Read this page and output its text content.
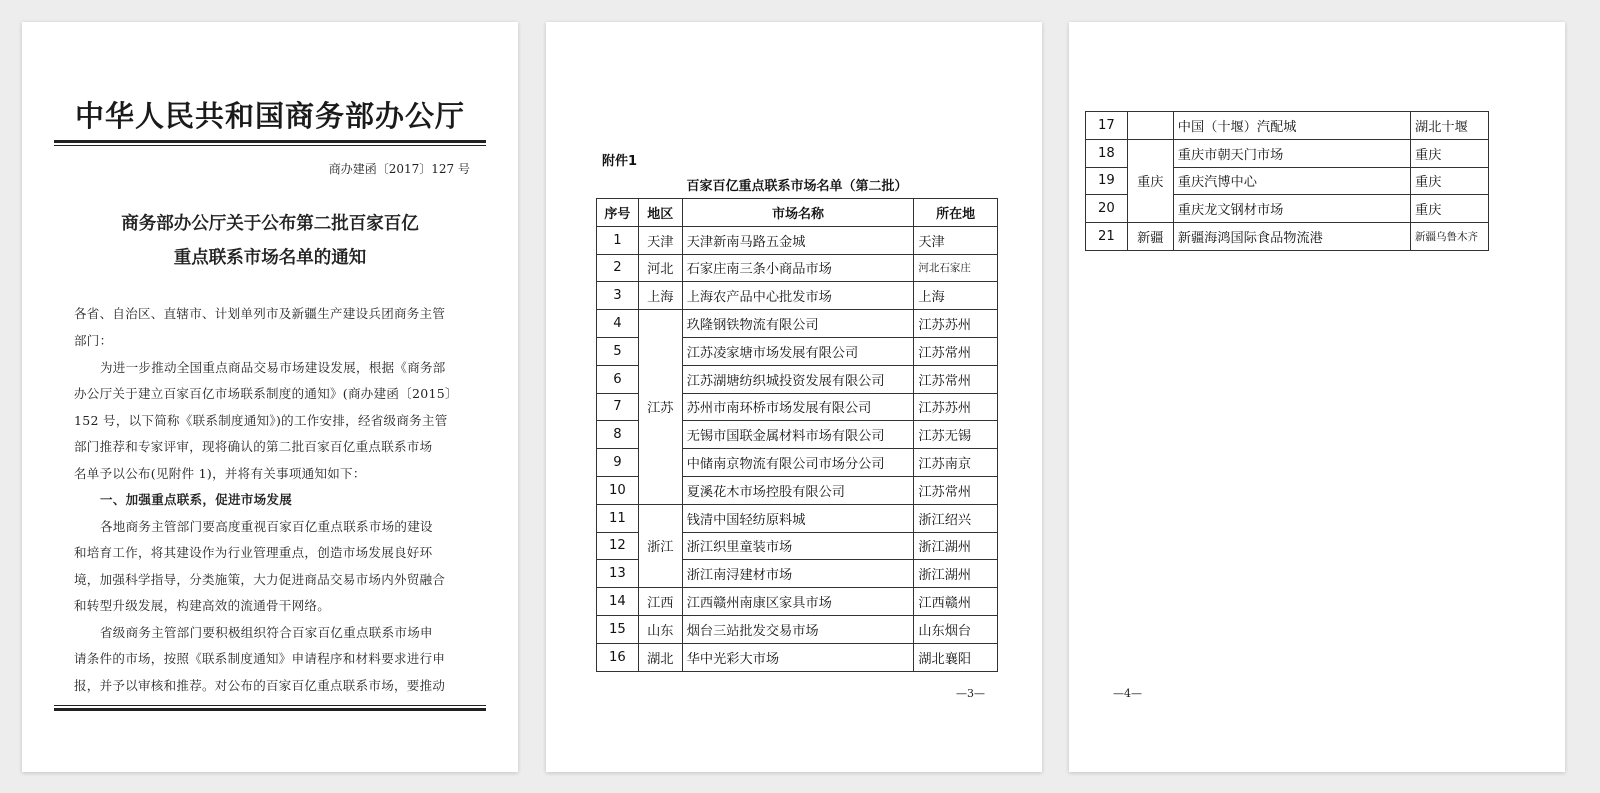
中华人民共和国商务部办公厅
商办建函〔2017〕127 号
商务部办公厅关于公布第二批百家百亿
重点联系市场名单的通知
各省、自治区、直辖市、计划单列市及新疆生产建设兵团商务主管
部门：
为进一步推动全国重点商品交易市场建设发展，根据《商务部
办公厅关于建立百家百亿市场联系制度的通知》(商办建函〔2015〕
152 号，以下简称《联系制度通知》)的工作安排，经省级商务主管
部门推荐和专家评审，现将确认的第二批百家百亿重点联系市场
名单予以公布(见附件 1)，并将有关事项通知如下：
一、加强重点联系，促进市场发展
各地商务主管部门要高度重视百家百亿重点联系市场的建设
和培育工作，将其建设作为行业管理重点，创造市场发展良好环
境，加强科学指导，分类施策，大力促进商品交易市场内外贸融合
和转型升级发展，构建高效的流通骨干网络。
省级商务主管部门要积极组织符合百家百亿重点联系市场申
请条件的市场，按照《联系制度通知》申请程序和材料要求进行申
报，并予以审核和推荐。对公布的百家百亿重点联系市场，要推动
附件1
百家百亿重点联系市场名单（第二批）
序号	地区	市场名称	所在地
1	天津	天津新南马路五金城	天津
2	河北	石家庄南三条小商品市场	河北石家庄
3	上海	上海农产品中心批发市场	上海
4	江苏	玖隆钢铁物流有限公司	江苏苏州
5		江苏凌家塘市场发展有限公司	江苏常州
6		江苏湖塘纺织城投资发展有限公司	江苏常州
7		苏州市南环桥市场发展有限公司	江苏苏州
8		无锡市国联金属材料市场有限公司	江苏无锡
9		中储南京物流有限公司市场分公司	江苏南京
10		夏溪花木市场控股有限公司	江苏常州
11	浙江	钱清中国轻纺原料城	浙江绍兴
12		浙江织里童装市场	浙江湖州
13		浙江南浔建材市场	浙江湖州
14	江西	江西赣州南康区家具市场	江西赣州
15	山东	烟台三站批发交易市场	山东烟台
16	湖北	华中光彩大市场	湖北襄阳
—3—
17		中国（十堰）汽配城	湖北十堰
18	重庆	重庆市朝天门市场	重庆
19		重庆汽博中心	重庆
20		重庆龙文钢材市场	重庆
21	新疆	新疆海鸿国际食品物流港	新疆乌鲁木齐
—4—
